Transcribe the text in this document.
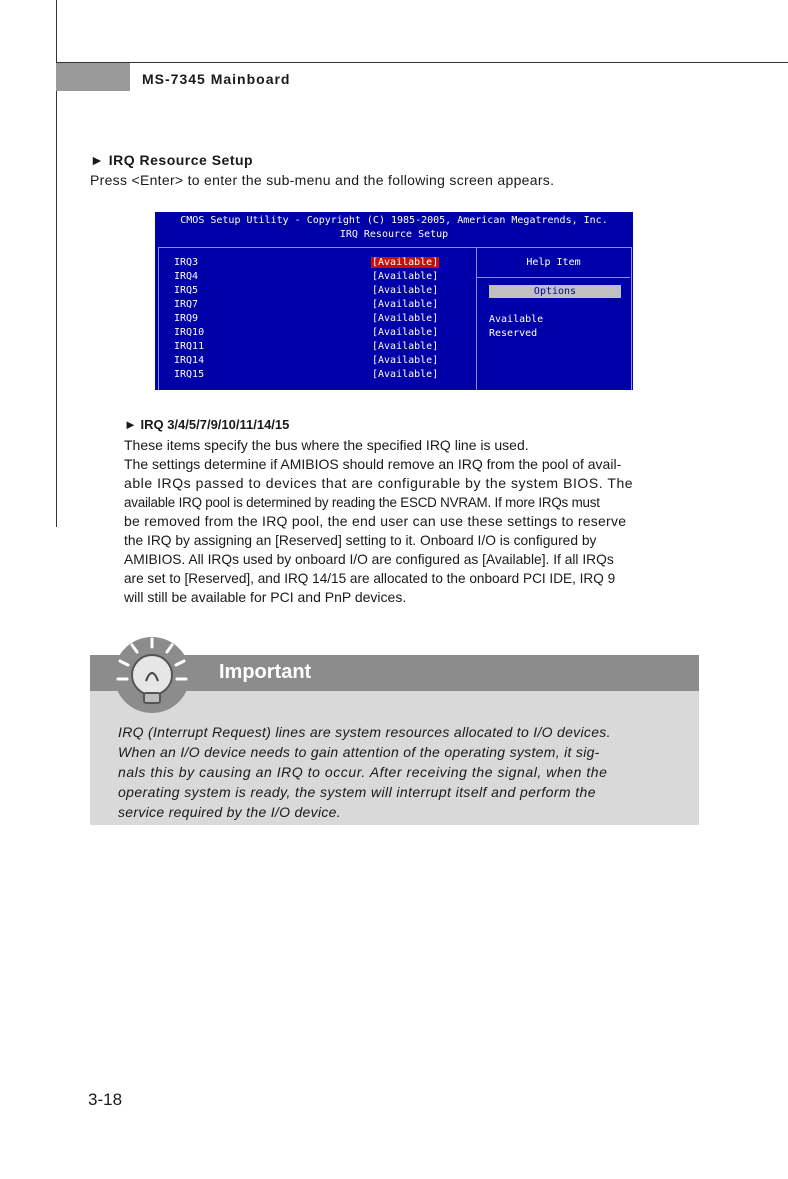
MS-7345 Mainboard
► IRQ Resource Setup
Press <Enter> to enter the sub-menu and the following screen appears.
CMOS Setup Utility - Copyright (C) 1985-2005, American Megatrends, Inc.
IRQ Resource Setup
IRQ3	[Available]
IRQ4	[Available]
IRQ5	[Available]
IRQ7	[Available]
IRQ9	[Available]
IRQ10	[Available]
IRQ11	[Available]
IRQ14	[Available]
IRQ15	[Available]
Help Item
Options
Available
Reserved
► IRQ 3/4/5/7/9/10/11/14/15
These items specify the bus where the specified IRQ line is used.
The settings determine if AMIBIOS should remove an IRQ from the pool of avail-
able IRQs passed to devices that are configurable by the system BIOS. The
available IRQ pool is determined by reading the ESCD NVRAM. If more IRQs must
be removed from the IRQ pool, the end user can use these settings to reserve
the IRQ by assigning an [Reserved] setting to it. Onboard I/O is configured by
AMIBIOS. All IRQs used by onboard I/O are configured as [Available]. If all IRQs
are set to [Reserved], and IRQ 14/15 are allocated to the onboard PCI IDE, IRQ 9
will still be available for PCI and PnP devices.
Important
IRQ (Interrupt Request) lines are system resources allocated to I/O devices.
When an I/O device needs to gain attention of the operating system, it sig-
nals this by causing an IRQ to occur. After receiving the signal, when the
operating system is ready, the system will interrupt itself and perform the
service required by the I/O device.
3-18
